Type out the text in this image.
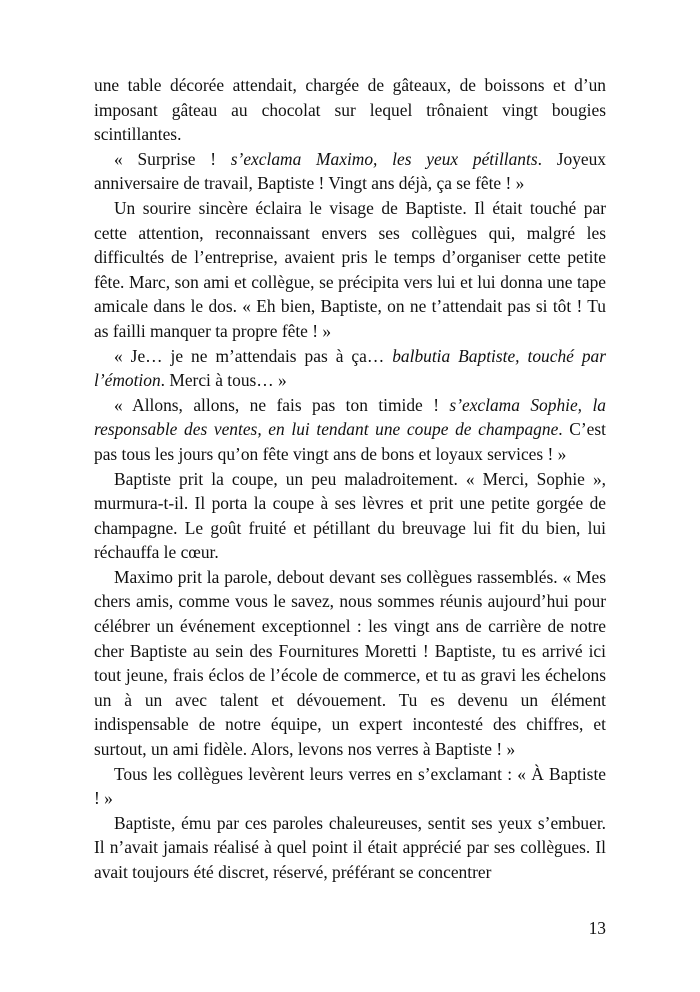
une table décorée attendait, chargée de gâteaux, de boissons et d’un imposant gâteau au chocolat sur lequel trônaient vingt bougies scintillantes.

« Surprise ! s’exclama Maximo, les yeux pétillants. Joyeux anniversaire de travail, Baptiste ! Vingt ans déjà, ça se fête ! »

Un sourire sincère éclaira le visage de Baptiste. Il était touché par cette attention, reconnaissant envers ses collègues qui, malgré les difficultés de l’entreprise, avaient pris le temps d’organiser cette petite fête. Marc, son ami et collègue, se précipita vers lui et lui donna une tape amicale dans le dos. « Eh bien, Baptiste, on ne t’attendait pas si tôt ! Tu as failli manquer ta propre fête ! »

« Je… je ne m’attendais pas à ça… balbutia Baptiste, touché par l’émotion. Merci à tous… »

« Allons, allons, ne fais pas ton timide ! s’exclama Sophie, la responsable des ventes, en lui tendant une coupe de champagne. C’est pas tous les jours qu’on fête vingt ans de bons et loyaux services ! »

Baptiste prit la coupe, un peu maladroitement. « Merci, Sophie », murmura-t-il. Il porta la coupe à ses lèvres et prit une petite gorgée de champagne. Le goût fruité et pétillant du breuvage lui fit du bien, lui réchauffa le cœur.

Maximo prit la parole, debout devant ses collègues rassemblés. « Mes chers amis, comme vous le savez, nous sommes réunis aujourd’hui pour célébrer un événement exceptionnel : les vingt ans de carrière de notre cher Baptiste au sein des Fournitures Moretti ! Baptiste, tu es arrivé ici tout jeune, frais éclos de l’école de commerce, et tu as gravi les échelons un à un avec talent et dévouement. Tu es devenu un élément indispensable de notre équipe, un expert incontesté des chiffres, et surtout, un ami fidèle. Alors, levons nos verres à Baptiste ! »

Tous les collègues levèrent leurs verres en s’exclamant : « À Baptiste ! »

Baptiste, ému par ces paroles chaleureuses, sentit ses yeux s’embuer. Il n’avait jamais réalisé à quel point il était apprécié par ses collègues. Il avait toujours été discret, réservé, préférant se concentrer

13
